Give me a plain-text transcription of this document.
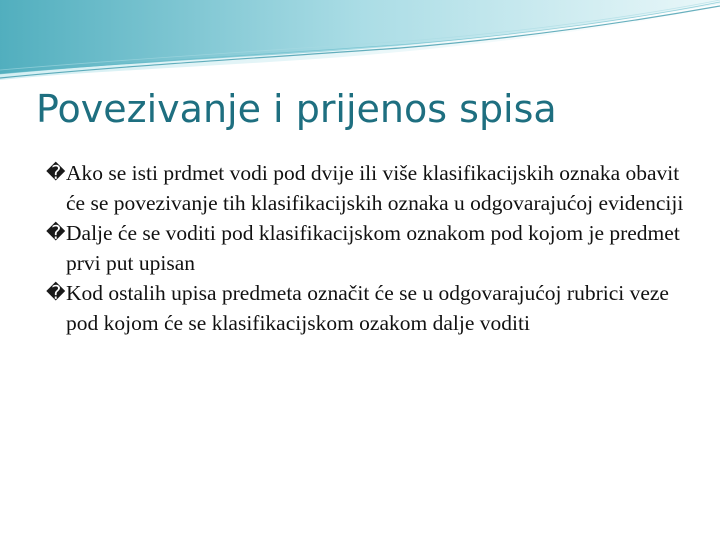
Povezivanje i prijenos spisa
� Ako se isti prdmet vodi pod dvije ili više klasifikacijskih oznaka obavit će se povezivanje tih klasifikacijskih oznaka u odgovarajućoj evidenciji
� Dalje će se voditi pod klasifikacijskom oznakom pod kojom je predmet prvi put upisan
� Kod ostalih upisa predmeta označit će se u odgovarajućoj rubrici veze pod kojom će se klasifikacijskom ozakom dalje voditi
